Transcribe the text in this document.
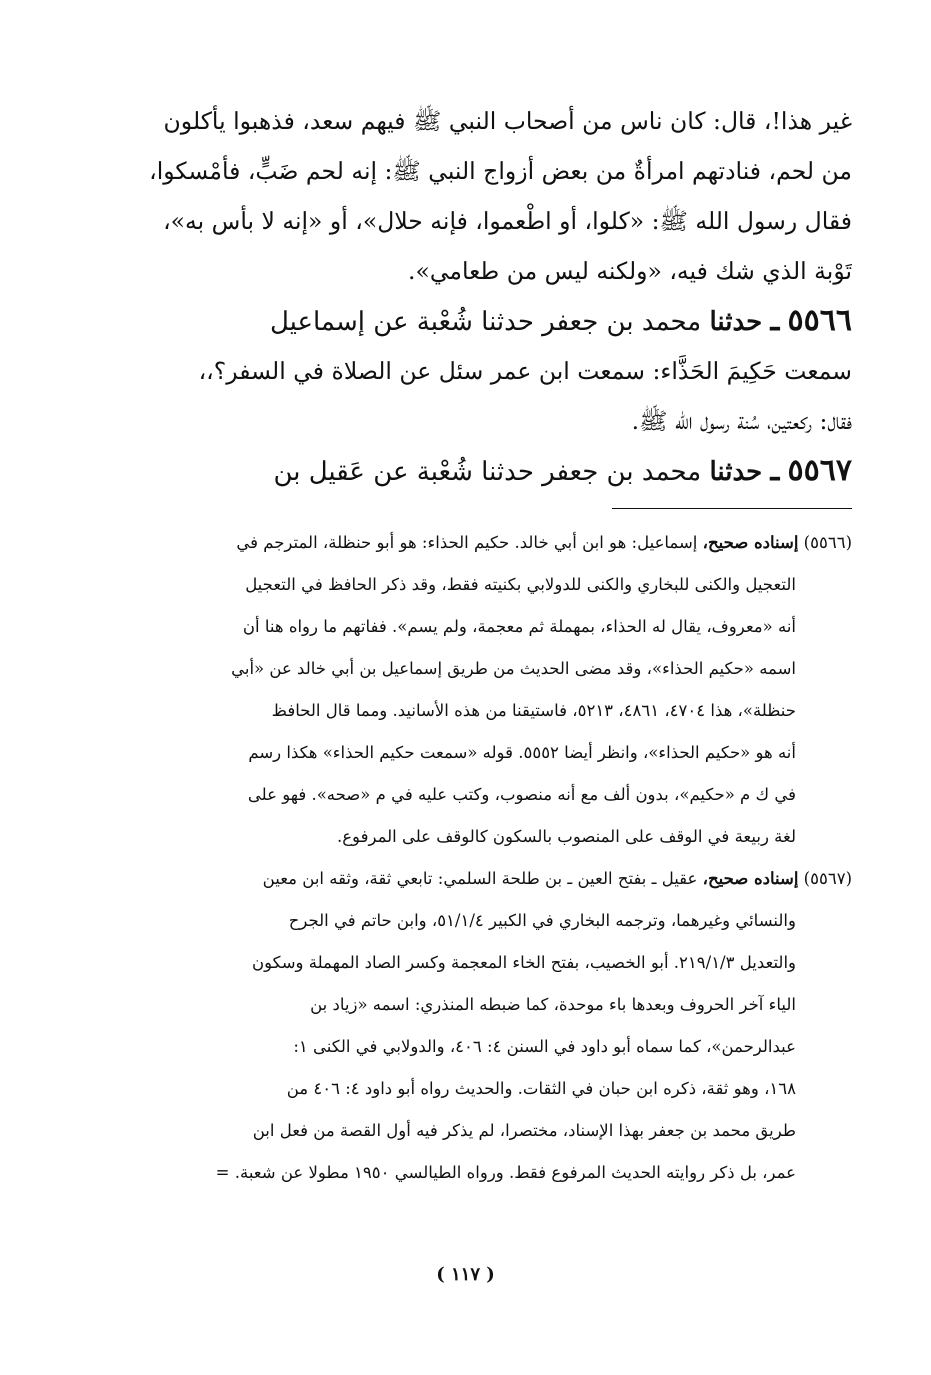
غير هذا!، قال: كان ناس من أصحاب النبي ﷺ فيهم سعد، فذهبوا يأكلون
من لحم، فنادتهم امرأةٌ من بعض أزواج النبي ﷺ: إنه لحم ضَبٍّ، فأمْسكوا،
فقال رسول الله ﷺ: «كلوا، أو اطْعموا، فإنه حلال»، أو «إنه لا بأس به»،
تَوْبة الذي شك فيه، «ولكنه ليس من طعامي».
٥٥٦٦ ـ حدثنا محمد بن جعفر حدثنا شُعْبة عن إسماعيل
سمعت حَكِيمَ الحَذَّاء: سمعت ابن عمر سئل عن الصلاة في السفر؟،،
فقال: ركعتين، سُنة رسول الله ﷺ.
٥٥٦٧ ـ حدثنا محمد بن جعفر حدثنا شُعْبة عن عَقيل بن
(٥٥٦٦) إسناده صحيح، إسماعيل: هو ابن أبي خالد. حكيم الحذاء: هو أبو حنظلة، المترجم في
التعجيل والكنى للبخاري والكنى للدولابي بكنيته فقط، وقد ذكر الحافظ في التعجيل
أنه «معروف، يقال له الحذاء، بمهملة ثم معجمة، ولم يسم». ففاتهم ما رواه هنا أن
اسمه «حكيم الحذاء»، وقد مضى الحديث من طريق إسماعيل بن أبي خالد عن «أبي
حنظلة»، هذا ٤٧٠٤، ٤٨٦١، ٥٢١٣، فاستيقنا من هذه الأسانيد. ومما قال الحافظ
أنه هو «حكيم الحذاء»، وانظر أيضا ٥٥٥٢. قوله «سمعت حكيم الحذاء» هكذا رسم
في ك م «حكيم»، بدون ألف مع أنه منصوب، وكتب عليه في م «صحه». فهو على
لغة ربيعة في الوقف على المنصوب بالسكون كالوقف على المرفوع.
(٥٥٦٧) إسناده صحيح، عقيل ـ بفتح العين ـ بن طلحة السلمي: تابعي ثقة، وثقه ابن معين
والنسائي وغيرهما، وترجمه البخاري في الكبير ٥١/١/٤، وابن حاتم في الجرح
والتعديل ٢١٩/١/٣. أبو الخصيب، بفتح الخاء المعجمة وكسر الصاد المهملة وسكون
الياء آخر الحروف وبعدها باء موحدة، كما ضبطه المنذري: اسمه «زياد بن
عبدالرحمن»، كما سماه أبو داود في السنن ٤: ٤٠٦، والدولابي في الكنى ١:
١٦٨، وهو ثقة، ذكره ابن حبان في الثقات. والحديث رواه أبو داود ٤: ٤٠٦ من
طريق محمد بن جعفر بهذا الإسناد، مختصرا، لم يذكر فيه أول القصة من فعل ابن
عمر، بل ذكر روايته الحديث المرفوع فقط. ورواه الطيالسي ١٩٥٠ مطولا عن شعبة. =
( ١١٧ )
